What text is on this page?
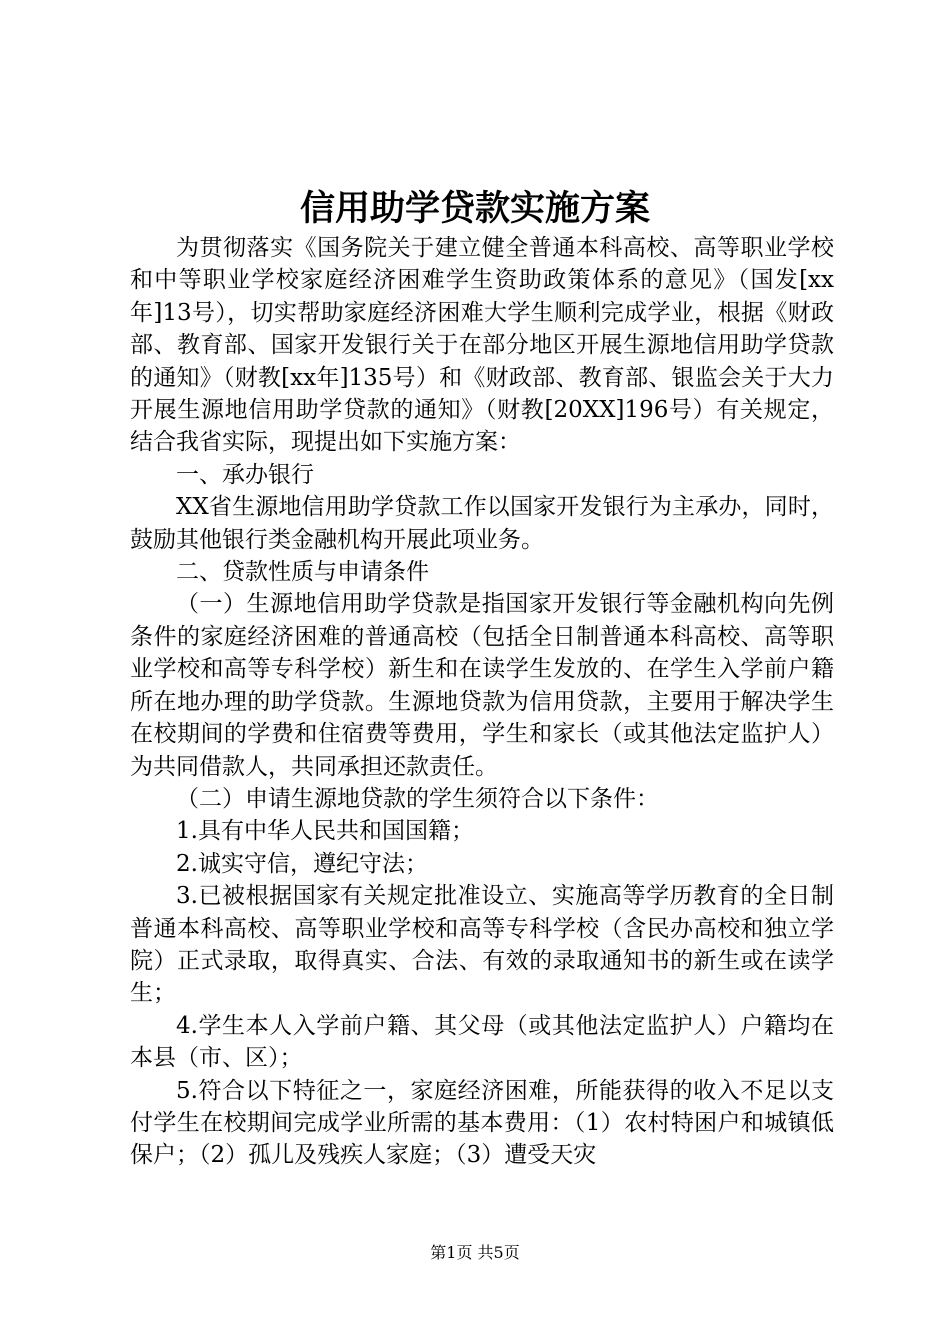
信用助学贷款实施方案

为贯彻落实《国务院关于建立健全普通本科高校、高等职业学校和中等职业学校家庭经济困难学生资助政策体系的意见》（国发[xx年]13号），切实帮助家庭经济困难大学生顺利完成学业，根据《财政部、教育部、国家开发银行关于在部分地区开展生源地信用助学贷款的通知》（财教[xx年]135号）和《财政部、教育部、银监会关于大力开展生源地信用助学贷款的通知》（财教[20XX]196号）有关规定，结合我省实际，现提出如下实施方案：

一、承办银行

XX省生源地信用助学贷款工作以国家开发银行为主承办，同时，鼓励其他银行类金融机构开展此项业务。

二、贷款性质与申请条件

（一）生源地信用助学贷款是指国家开发银行等金融机构向先例条件的家庭经济困难的普通高校（包括全日制普通本科高校、高等职业学校和高等专科学校）新生和在读学生发放的、在学生入学前户籍所在地办理的助学贷款。生源地贷款为信用贷款，主要用于解决学生在校期间的学费和住宿费等费用，学生和家长（或其他法定监护人）为共同借款人，共同承担还款责任。

（二）申请生源地贷款的学生须符合以下条件：

1.具有中华人民共和国国籍；

2.诚实守信，遵纪守法；

3.已被根据国家有关规定批准设立、实施高等学历教育的全日制普通本科高校、高等职业学校和高等专科学校（含民办高校和独立学院）正式录取，取得真实、合法、有效的录取通知书的新生或在读学生；

4.学生本人入学前户籍、其父母（或其他法定监护人）户籍均在本县（市、区）；

5.符合以下特征之一，家庭经济困难，所能获得的收入不足以支付学生在校期间完成学业所需的基本费用：（1）农村特困户和城镇低保户；（2）孤儿及残疾人家庭；（3）遭受天灾

第1页 共5页
